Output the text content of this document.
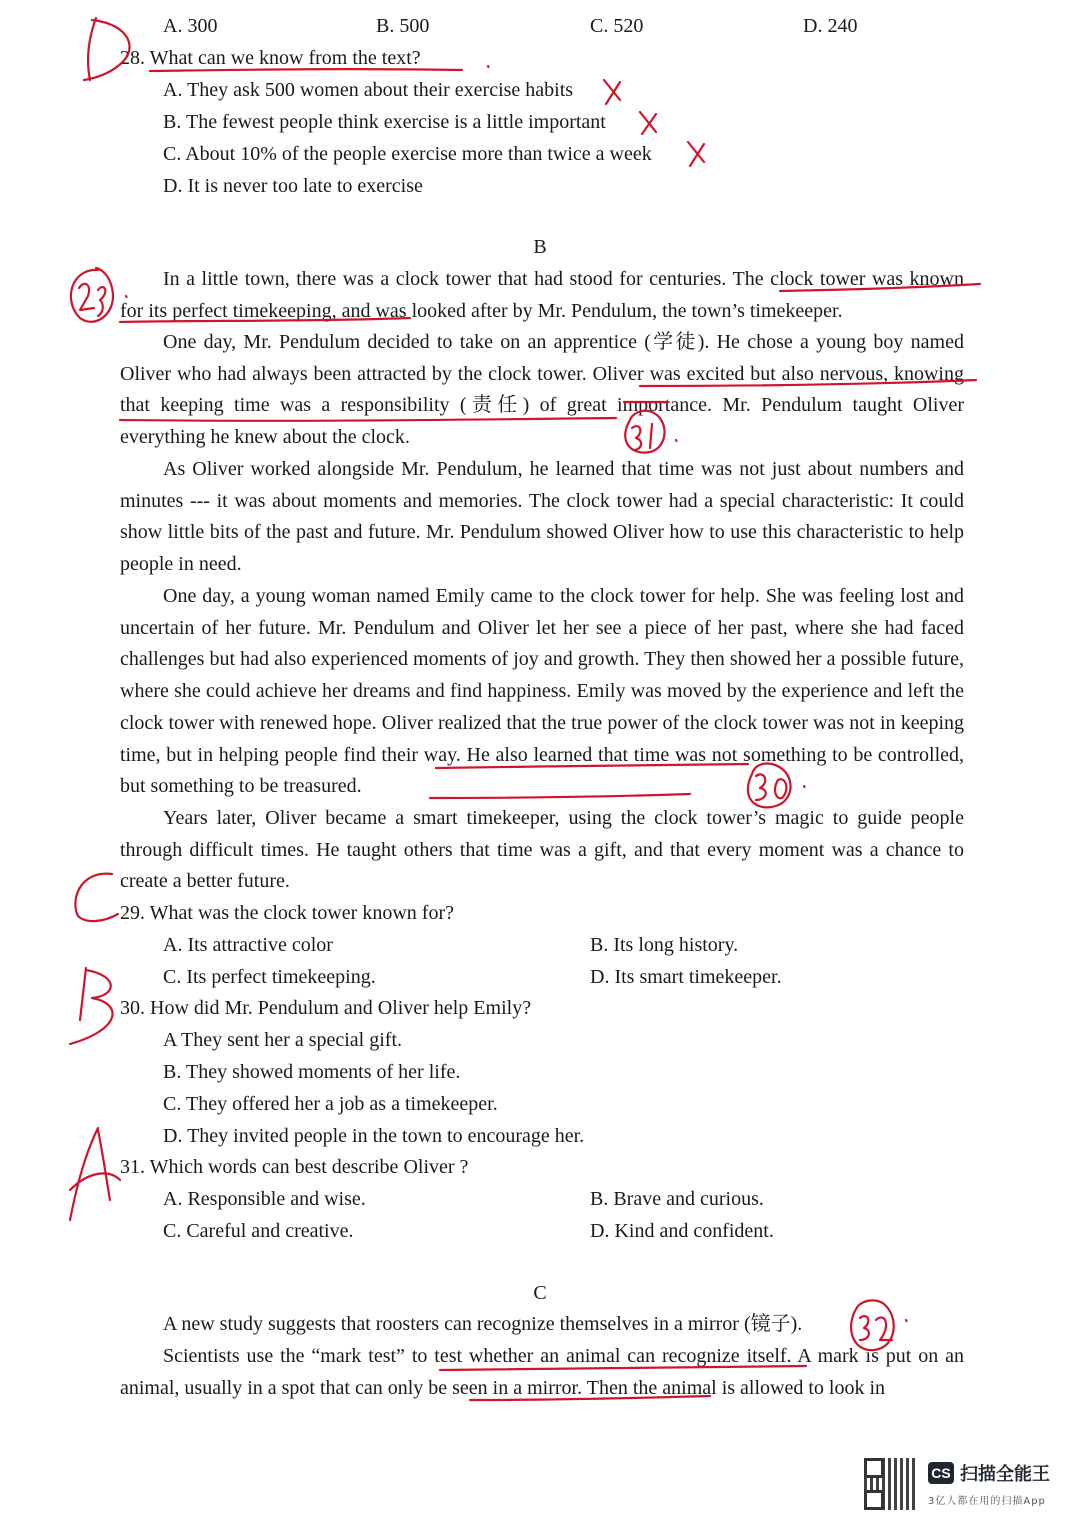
A. 300	B. 500	C. 520	D. 240
28. What can we know from the text?
A. They ask 500 women about their exercise habits
B. The fewest people think exercise is a little important
C. About 10% of the people exercise more than twice a week
D. It is never too late to exercise
B
In a little town, there was a clock tower that had stood for centuries. The clock tower was known for its perfect timekeeping, and was looked after by Mr. Pendulum, the town’s timekeeper.
One day, Mr. Pendulum decided to take on an apprentice (学徒). He chose a young boy named Oliver who had always been attracted by the clock tower. Oliver was excited but also nervous, knowing that keeping time was a responsibility (责任) of great importance. Mr. Pendulum taught Oliver everything he knew about the clock.
As Oliver worked alongside Mr. Pendulum, he learned that time was not just about numbers and minutes --- it was about moments and memories. The clock tower had a special characteristic: It could show little bits of the past and future. Mr. Pendulum showed Oliver how to use this characteristic to help people in need.
One day, a young woman named Emily came to the clock tower for help. She was feeling lost and uncertain of her future. Mr. Pendulum and Oliver let her see a piece of her past, where she had faced challenges but had also experienced moments of joy and growth. They then showed her a possible future, where she could achieve her dreams and find happiness. Emily was moved by the experience and left the clock tower with renewed hope. Oliver realized that the true power of the clock tower was not in keeping time, but in helping people find their way. He also learned that time was not something to be controlled, but something to be treasured.
Years later, Oliver became a smart timekeeper, using the clock tower’s magic to guide people through difficult times. He taught others that time was a gift, and that every moment was a chance to create a better future.
29. What was the clock tower known for?
A. Its attractive color	B. Its long history.
C. Its perfect timekeeping.	D. Its smart timekeeper.
30. How did Mr. Pendulum and Oliver help Emily?
A They sent her a special gift.
B. They showed moments of her life.
C. They offered her a job as a timekeeper.
D. They invited people in the town to encourage her.
31. Which words can best describe Oliver ?
A. Responsible and wise.	B. Brave and curious.
C. Careful and creative.	D. Kind and confident.
C
A new study suggests that roosters can recognize themselves in a mirror (镜子).
Scientists use the “mark test” to test whether an animal can recognize itself. A mark is put on an animal, usually in a spot that can only be seen in a mirror. Then the animal is allowed to look in
CS 扫描全能王
3亿人都在用的扫描App
